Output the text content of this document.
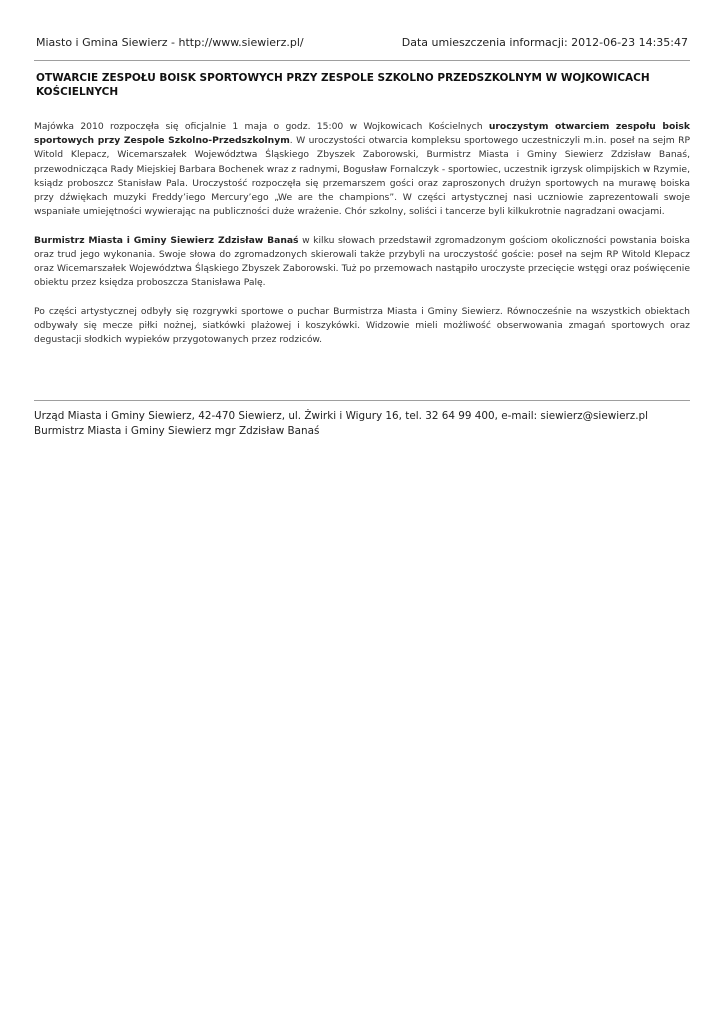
Miasto i Gmina Siewierz - http://www.siewierz.pl/	Data umieszczenia informacji: 2012-06-23 14:35:47
OTWARCIE ZESPOŁU BOISK SPORTOWYCH PRZY ZESPOLE SZKOLNO PRZEDSZKOLNYM W WOJKOWICACH KOŚCIELNYCH

Majówka 2010 rozpoczęła się oficjalnie 1 maja o godz. 15:00 w Wojkowicach Kościelnych uroczystym otwarciem zespołu boisk sportowych przy Zespole Szkolno-Przedszkolnym. W uroczystości otwarcia kompleksu sportowego uczestniczyli m.in. poseł na sejm RP Witold Klepacz, Wicemarszałek Województwa Śląskiego Zbyszek Zaborowski, Burmistrz Miasta i Gminy Siewierz Zdzisław Banaś, przewodnicząca Rady Miejskiej Barbara Bochenek wraz z radnymi, Bogusław Fornalczyk - sportowiec, uczestnik igrzysk olimpijskich w Rzymie, ksiądz proboszcz Stanisław Pala. Uroczystość rozpoczęła się przemarszem gości oraz zaproszonych drużyn sportowych na murawę boiska przy dźwiękach muzyki Freddy’iego Mercury’ego „We are the champions”. W części artystycznej nasi uczniowie zaprezentowali swoje wspaniałe umiejętności wywierając na publiczności duże wrażenie. Chór szkolny, soliści i tancerze byli kilkukrotnie nagradzani owacjami.

Burmistrz Miasta i Gminy Siewierz Zdzisław Banaś w kilku słowach przedstawił zgromadzonym gościom okoliczności powstania boiska oraz trud jego wykonania. Swoje słowa do zgromadzonych skierowali także przybyli na uroczystość goście: poseł na sejm RP Witold Klepacz oraz Wicemarszałek Województwa Śląskiego Zbyszek Zaborowski. Tuż po przemowach nastąpiło uroczyste przecięcie wstęgi oraz poświęcenie obiektu przez księdza proboszcza Stanisława Palę.

Po części artystycznej odbyły się rozgrywki sportowe o puchar Burmistrza Miasta i Gminy Siewierz. Równocześnie na wszystkich obiektach odbywały się mecze piłki nożnej, siatkówki plażowej i koszykówki. Widzowie mieli możliwość obserwowania zmagań sportowych oraz degustacji słodkich wypieków przygotowanych przez rodziców.

Urząd Miasta i Gminy Siewierz, 42-470 Siewierz, ul. Żwirki i Wigury 16, tel. 32 64 99 400, e-mail: siewierz@siewierz.pl
Burmistrz Miasta i Gminy Siewierz mgr Zdzisław Banaś
